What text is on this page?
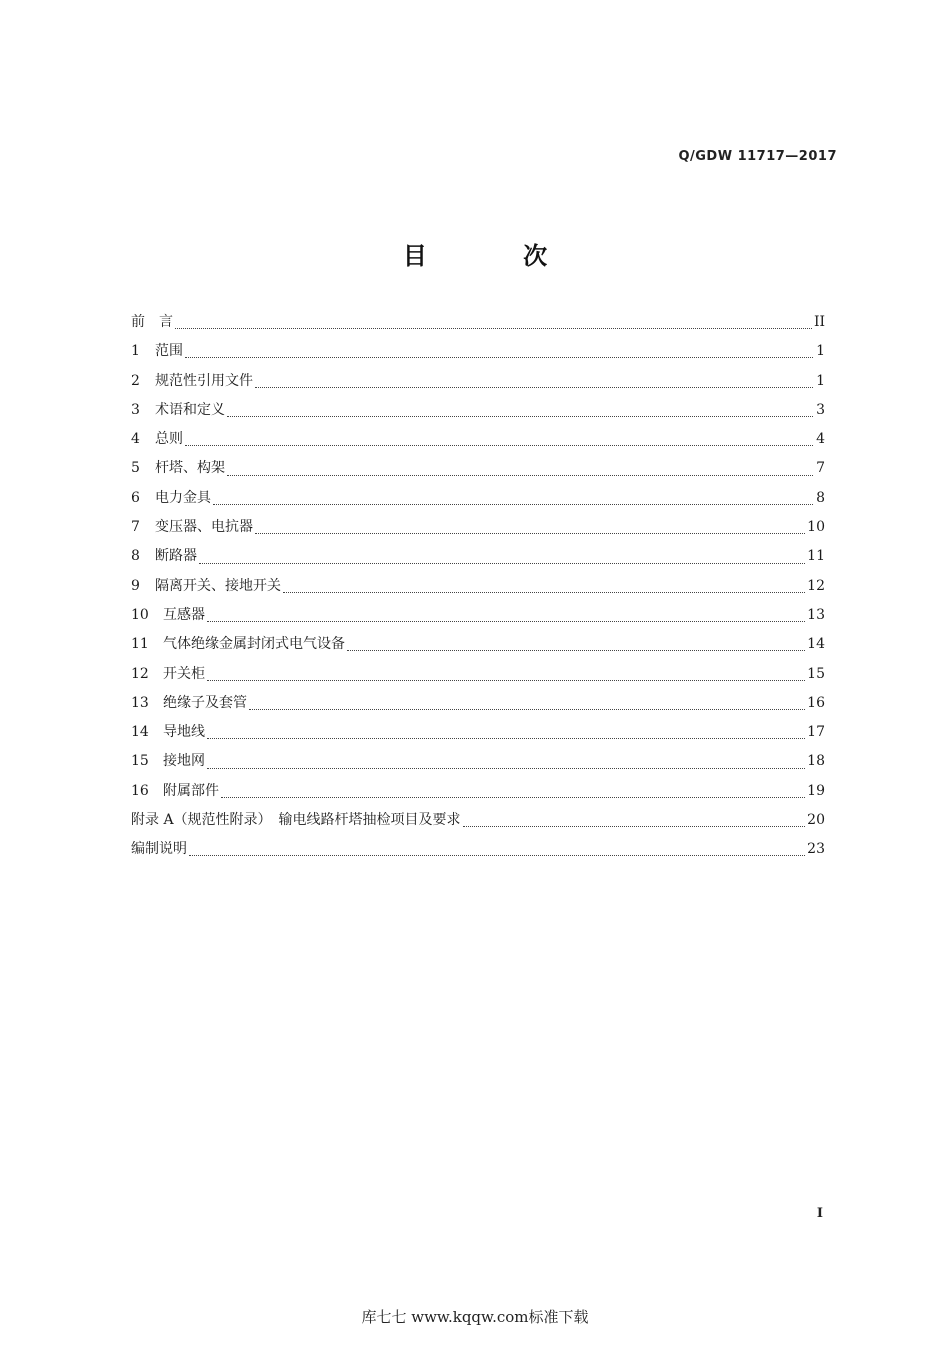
Q/GDW 11717—2017
目 次
前　言	II
1	范围	1
2	规范性引用文件	1
3	术语和定义	3
4	总则	4
5	杆塔、构架	7
6	电力金具	8
7	变压器、电抗器	10
8	断路器	11
9	隔离开关、接地开关	12
10	互感器	13
11	气体绝缘金属封闭式电气设备	14
12	开关柜	15
13	绝缘子及套管	16
14	导地线	17
15	接地网	18
16	附属部件	19
附录 A（规范性附录）　输电线路杆塔抽检项目及要求	20
编制说明	23
I
库七七 www.kqqw.com标准下载
